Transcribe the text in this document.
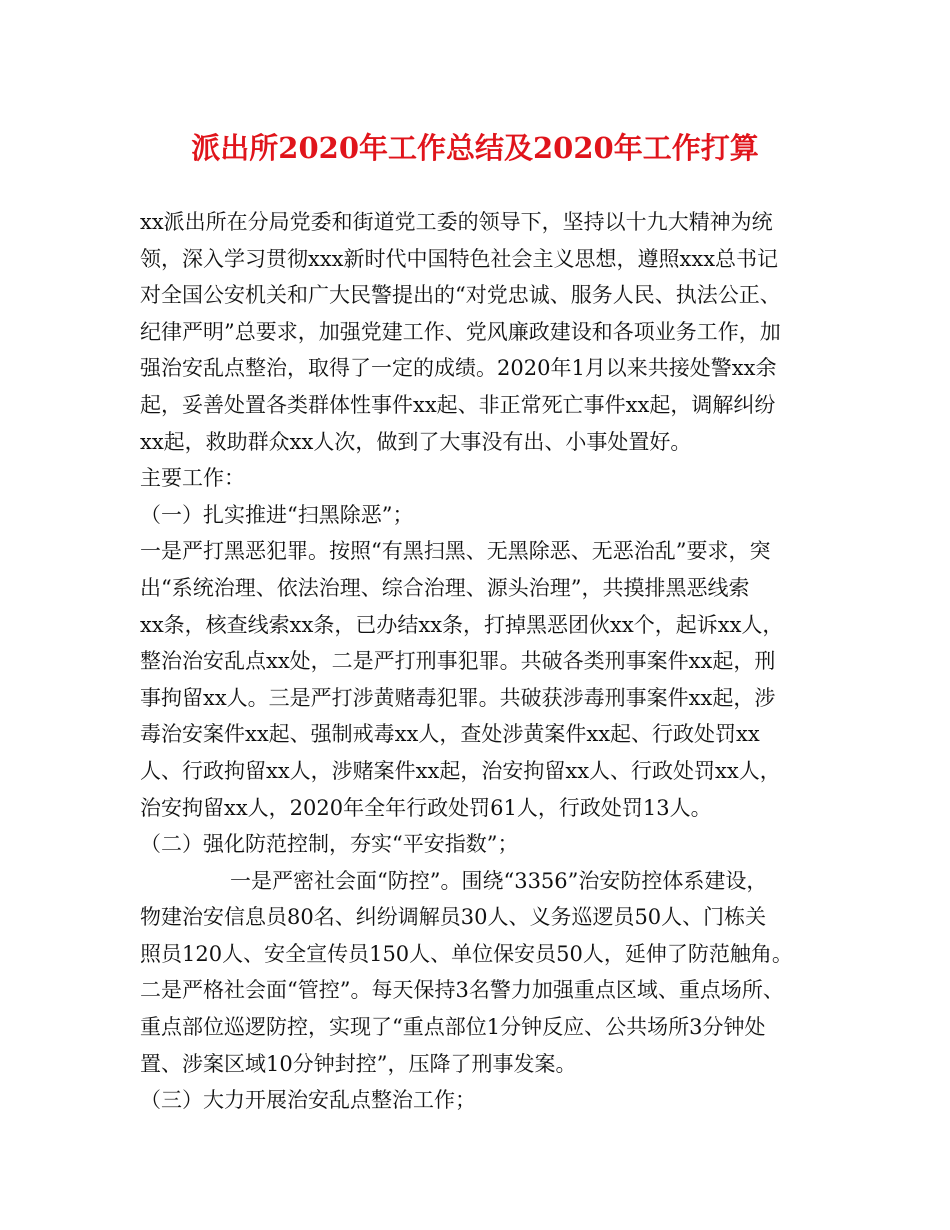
派出所2020年工作总结及2020年工作打算
xx派出所在分局党委和街道党工委的领导下，坚持以十九大精神为统
领，深入学习贯彻xxx新时代中国特色社会主义思想，遵照xxx总书记
对全国公安机关和广大民警提出的“对党忠诚、服务人民、执法公正、
纪律严明”总要求，加强党建工作、党风廉政建设和各项业务工作，加
强治安乱点整治，取得了一定的成绩。2020年1月以来共接处警xx余
起，妥善处置各类群体性事件xx起、非正常死亡事件xx起，调解纠纷
xx起，救助群众xx人次，做到了大事没有出、小事处置好。
主要工作：
（一）扎实推进“扫黑除恶”；
一是严打黑恶犯罪。按照“有黑扫黑、无黑除恶、无恶治乱”要求，突
出“系统治理、依法治理、综合治理、源头治理”，共摸排黑恶线索
xx条，核查线索xx条，已办结xx条，打掉黑恶团伙xx个，起诉xx人，
整治治安乱点xx处，二是严打刑事犯罪。共破各类刑事案件xx起，刑
事拘留xx人。三是严打涉黄赌毒犯罪。共破获涉毒刑事案件xx起，涉
毒治安案件xx起、强制戒毒xx人，查处涉黄案件xx起、行政处罚xx
人、行政拘留xx人，涉赌案件xx起，治安拘留xx人、行政处罚xx人，
治安拘留xx人，2020年全年行政处罚61人，行政处罚13人。
（二）强化防范控制，夯实“平安指数”；
一是严密社会面“防控”。围绕“3356”治安防控体系建设，
物建治安信息员80名、纠纷调解员30人、义务巡逻员50人、门栋关
照员120人、安全宣传员150人、单位保安员50人，延伸了防范触角。
二是严格社会面“管控”。每天保持3名警力加强重点区域、重点场所、
重点部位巡逻防控，实现了“重点部位1分钟反应、公共场所3分钟处
置、涉案区域10分钟封控”，压降了刑事发案。
（三）大力开展治安乱点整治工作；
